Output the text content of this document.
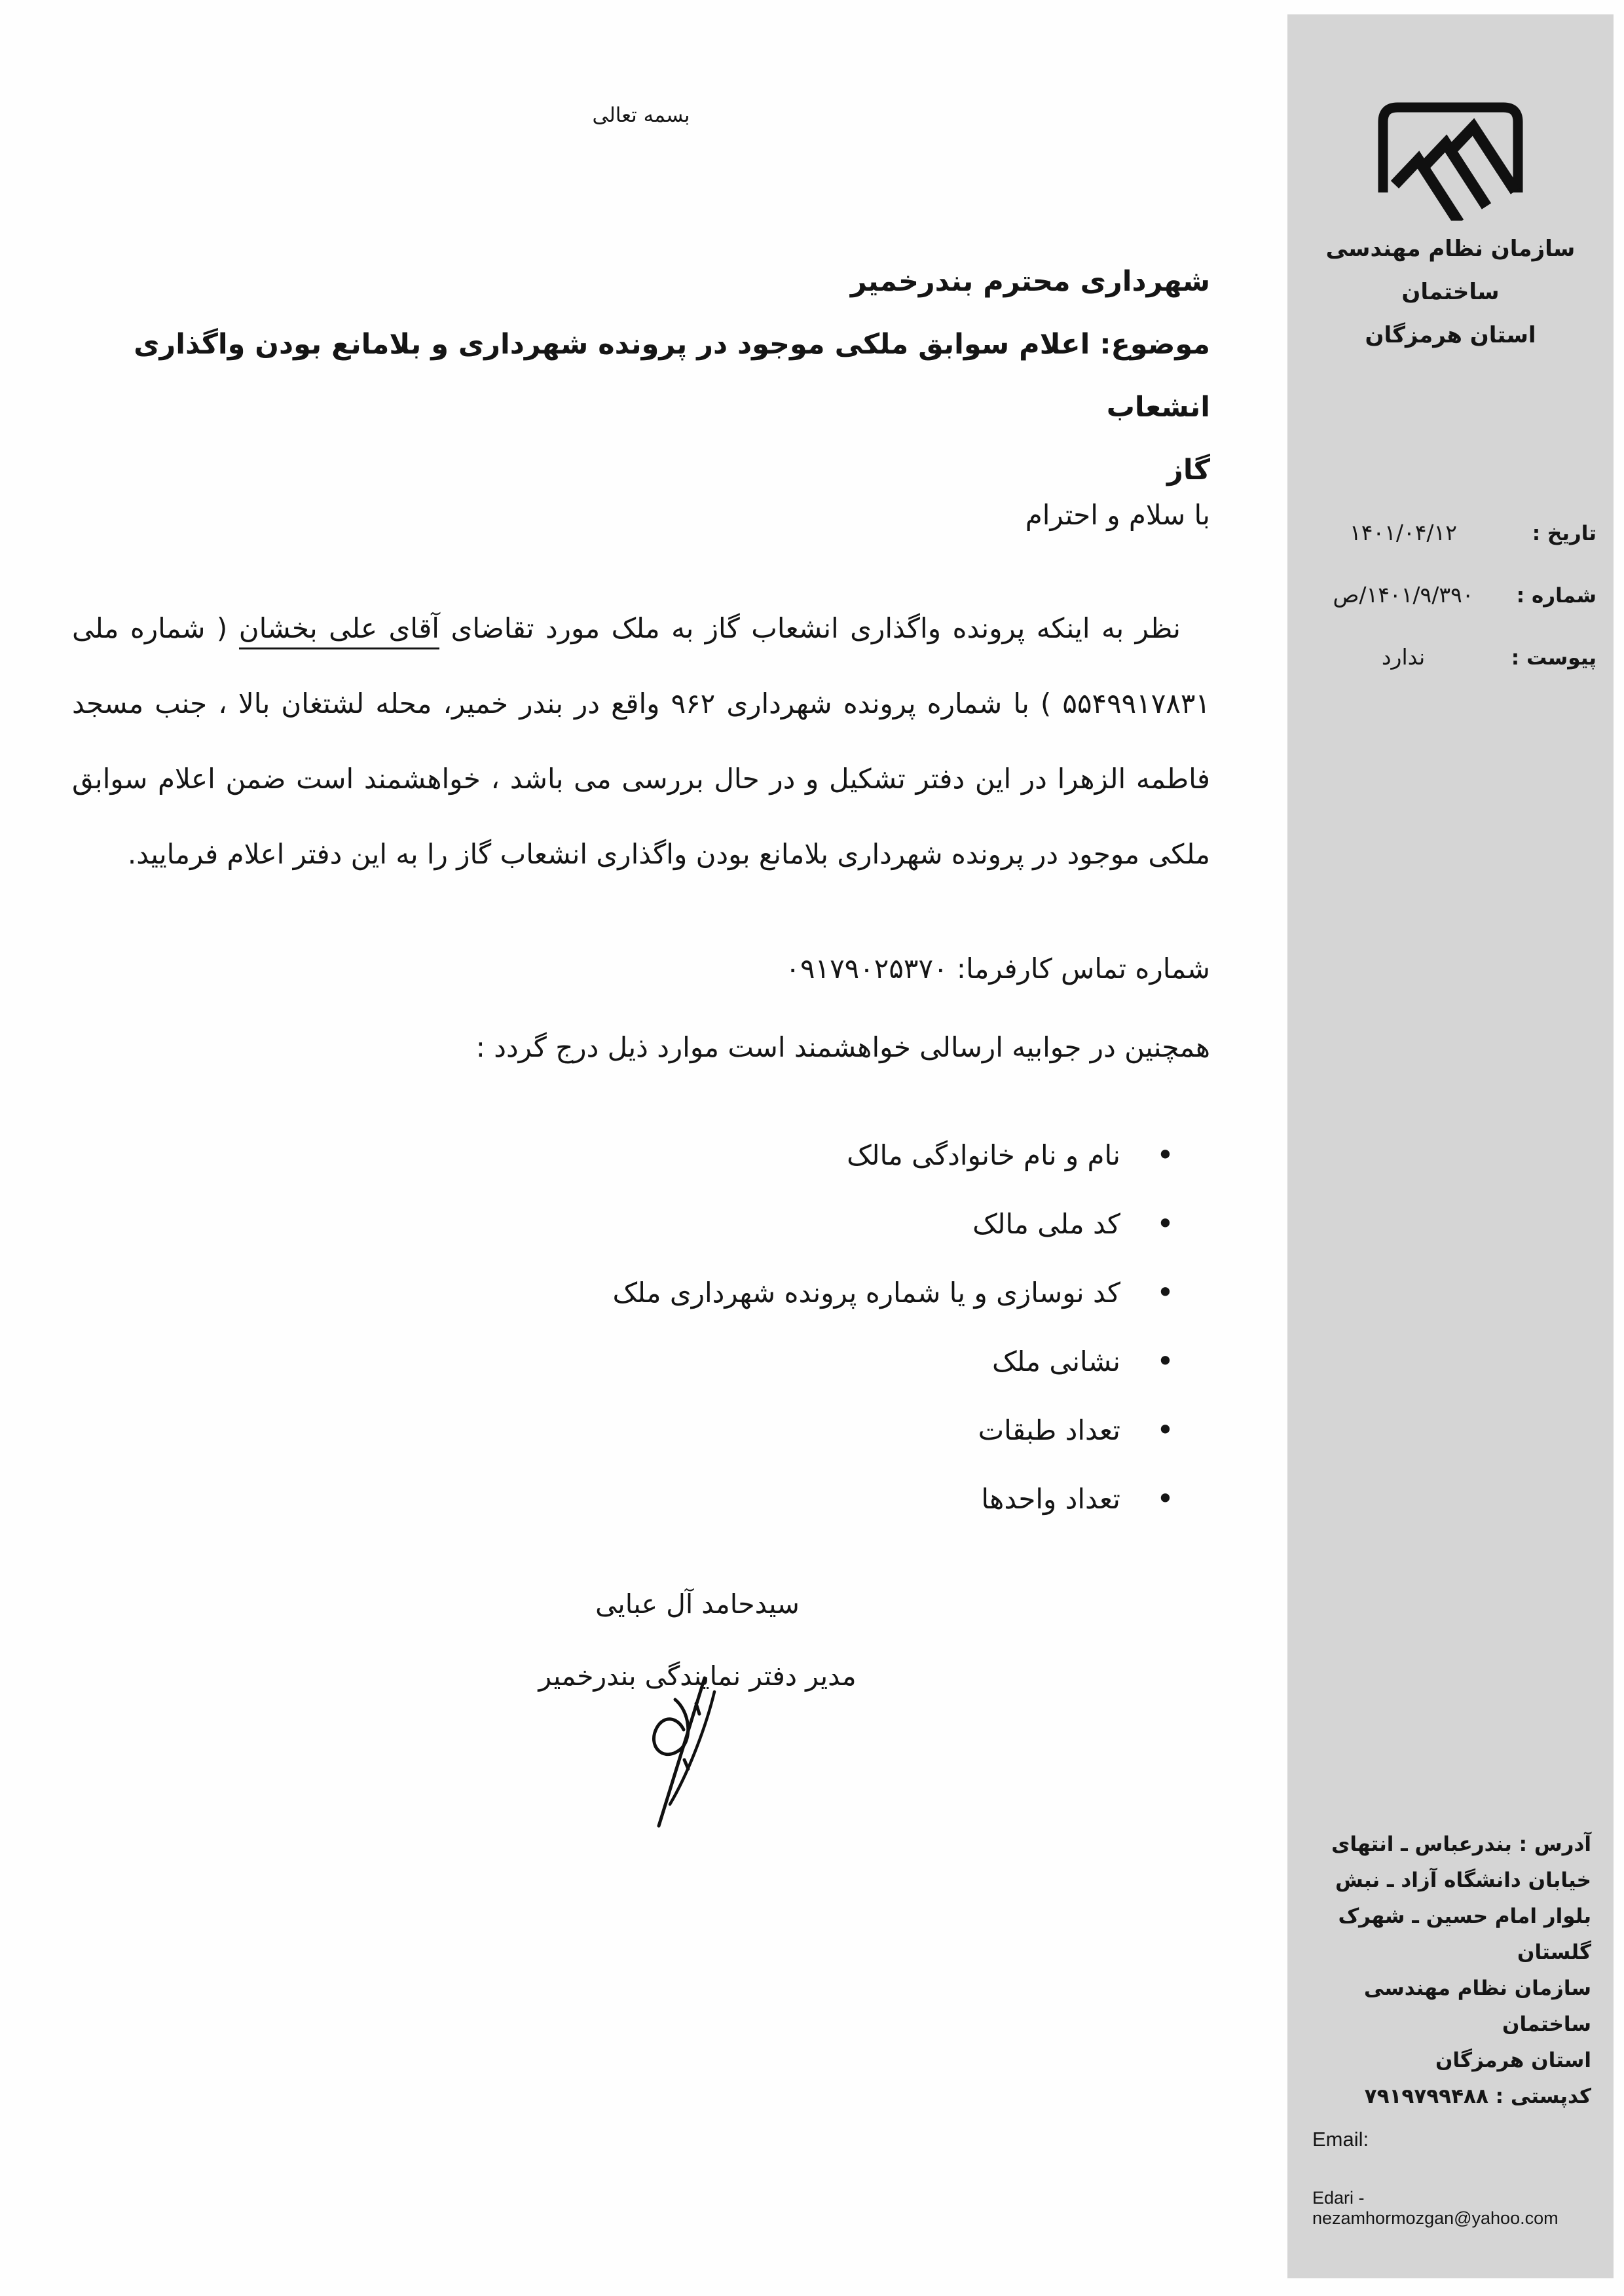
سازمان نظام مهندسی ساختمان
استان هرمزگان
تاریخ :
۱۴۰۱/۰۴/۱۲
شماره :
۱۴۰۱/۹/۳۹۰/ص
پیوست :
ندارد
آدرس : بندرعباس ـ انتهای
خیابان دانشگاه آزاد ـ نبش
بلوار امام حسین ـ شهرک
گلستان
سازمان نظام مهندسی ساختمان
استان هرمزگان
کدپستی : ۷۹۱۹۷۹۹۴۸۸
Email:
Edari - nezamhormozgan@yahoo.com
بسمه تعالی
شهرداری محترم بندرخمیر
موضوع: اعلام سوابق ملکی موجود در پرونده شهرداری و بلامانع بودن واگذاری انشعاب
گاز
با سلام و احترام
نظر به اینکه پرونده واگذاری انشعاب گاز به ملک مورد تقاضای آقای علی بخشان ( شماره ملی ۵۵۴۹۹۱۷۸۳۱ ) با شماره پرونده شهرداری ۹۶۲ واقع در بندر خمیر، محله لشتغان بالا ، جنب مسجد فاطمه الزهرا در این دفتر تشکیل و در حال بررسی می باشد ، خواهشمند است ضمن اعلام سوابق ملکی موجود در پرونده شهرداری بلامانع بودن واگذاری انشعاب گاز را به این دفتر اعلام فرمایید.
شماره تماس کارفرما: ۰۹۱۷۹۰۲۵۳۷۰
همچنین در جوابیه ارسالی خواهشمند است موارد ذیل درج گردد :
•
نام و نام خانوادگی مالک
•
کد ملی مالک
•
کد نوسازی و یا شماره پرونده شهرداری ملک
•
نشانی ملک
•
تعداد طبقات
•
تعداد واحدها
سیدحامد آل عبایی
مدیر دفتر نمایندگی بندرخمیر
